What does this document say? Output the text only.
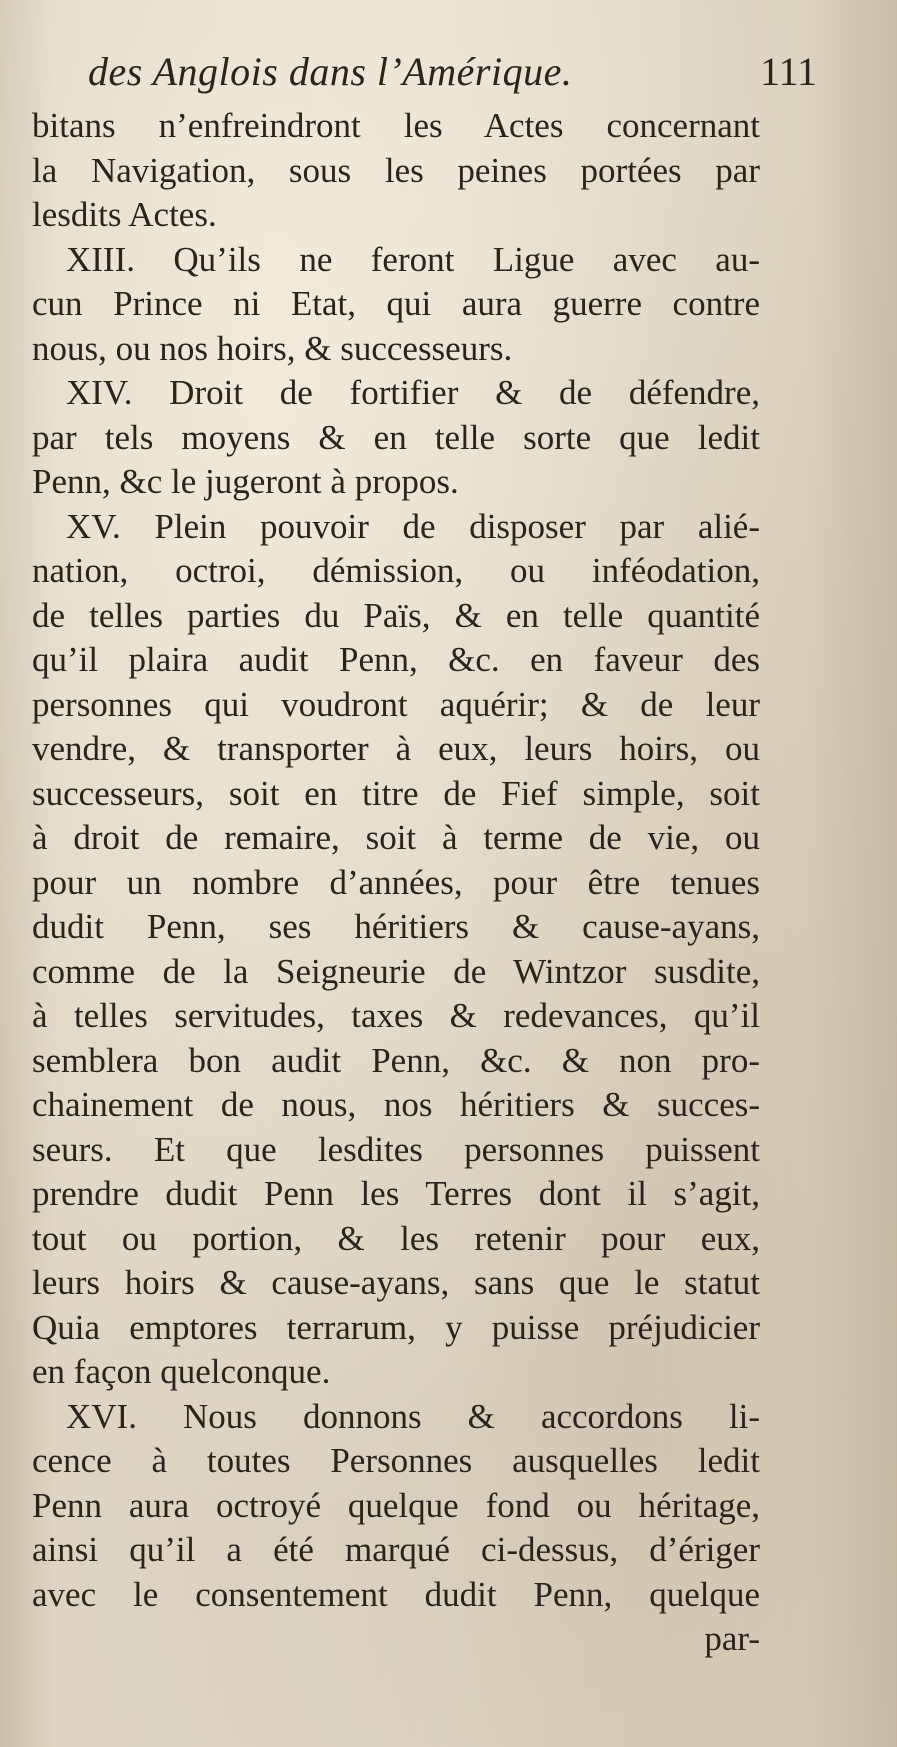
des Anglois dans l’Amérique.	111
bitans n’enfreindront les Actes concernant
la Navigation, sous les peines portées par
lesdits Actes.
XIII. Qu’ils ne feront Ligue avec au-
cun Prince ni Etat, qui aura guerre contre
nous, ou nos hoirs, & successeurs.
XIV. Droit de fortifier & de défendre,
par tels moyens & en telle sorte que ledit
Penn, &c le jugeront à propos.
XV. Plein pouvoir de disposer par alié-
nation, octroi, démission, ou inféodation,
de telles parties du Païs, & en telle quantité
qu’il plaira audit Penn, &c. en faveur des
personnes qui voudront aquérir; & de leur
vendre, & transporter à eux, leurs hoirs, ou
successeurs, soit en titre de Fief simple, soit
à droit de remaire, soit à terme de vie, ou
pour un nombre d’années, pour être tenues
dudit Penn, ses héritiers & cause-ayans,
comme de la Seigneurie de Wintzor susdite,
à telles servitudes, taxes & redevances, qu’il
semblera bon audit Penn, &c. & non pro-
chainement de nous, nos héritiers & succes-
seurs. Et que lesdites personnes puissent
prendre dudit Penn les Terres dont il s’agit,
tout ou portion, & les retenir pour eux,
leurs hoirs & cause-ayans, sans que le statut
Quia emptores terrarum, y puisse préjudicier
en façon quelconque.
XVI. Nous donnons & accordons li-
cence à toutes Personnes ausquelles ledit
Penn aura octroyé quelque fond ou héritage,
ainsi qu’il a été marqué ci-dessus, d’ériger
avec le consentement dudit Penn, quelque
par-
